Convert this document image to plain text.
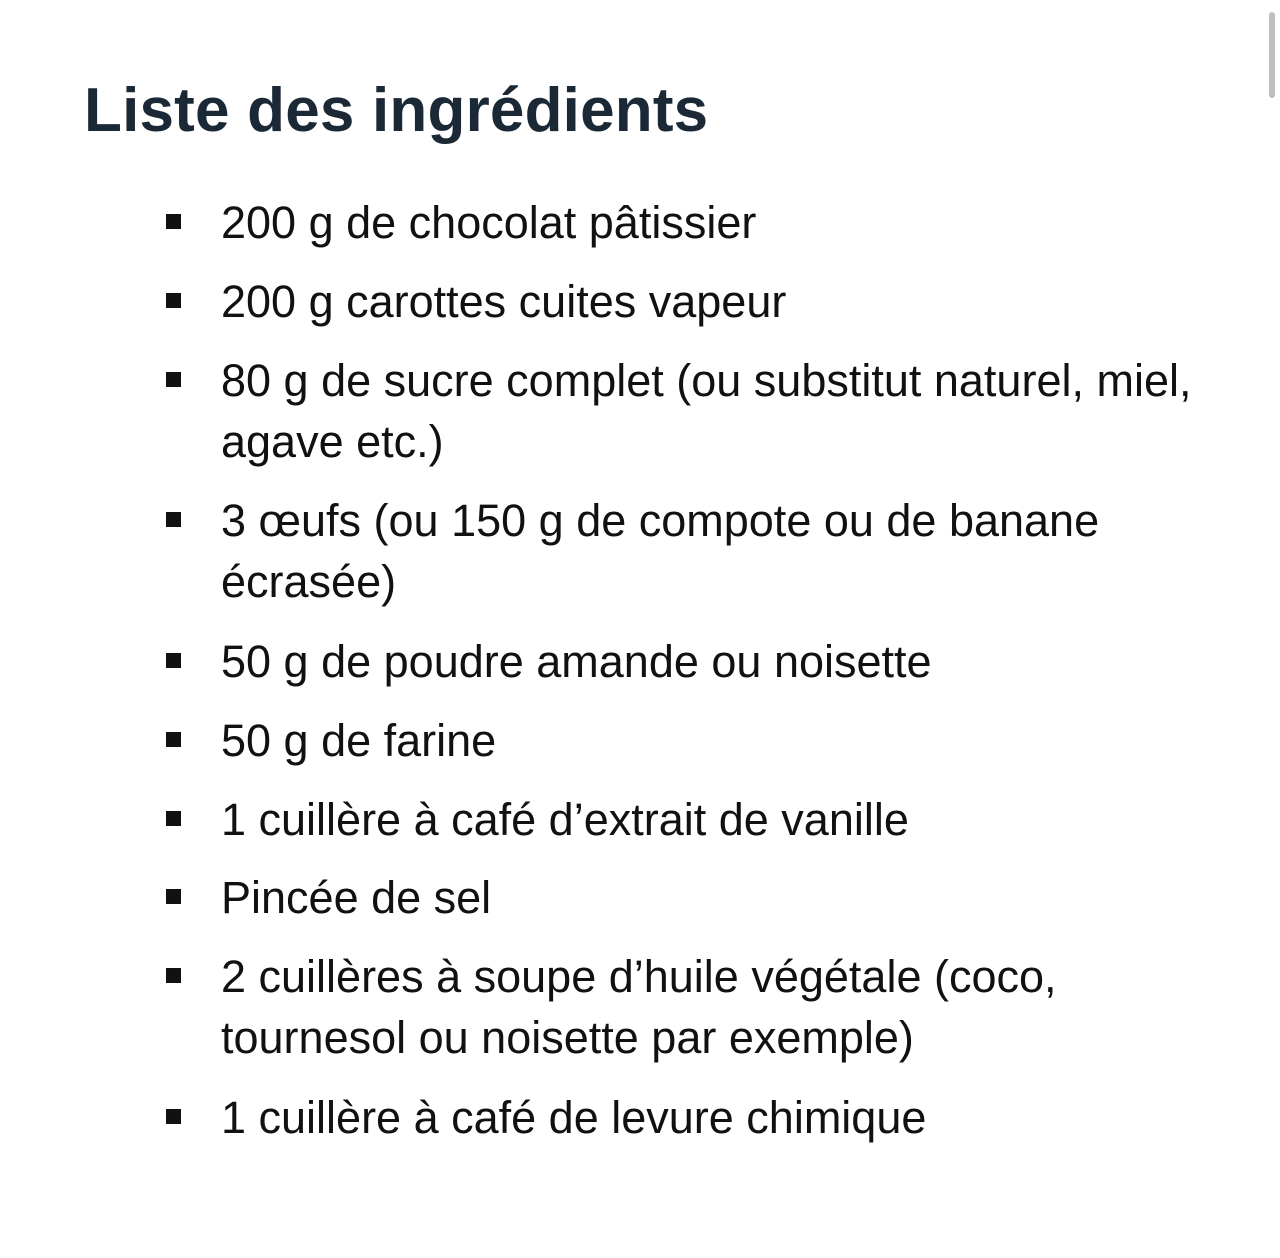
Liste des ingrédients
200 g de chocolat pâtissier
200 g carottes cuites vapeur
80 g de sucre complet (ou substitut naturel, miel, agave etc.)
3 œufs (ou 150 g de compote ou de banane écrasée)
50 g de poudre amande ou noisette
50 g de farine
1 cuillère à café d’extrait de vanille
Pincée de sel
2 cuillères à soupe d’huile végétale (coco, tournesol ou noisette par exemple)
1 cuillère à café de levure chimique
